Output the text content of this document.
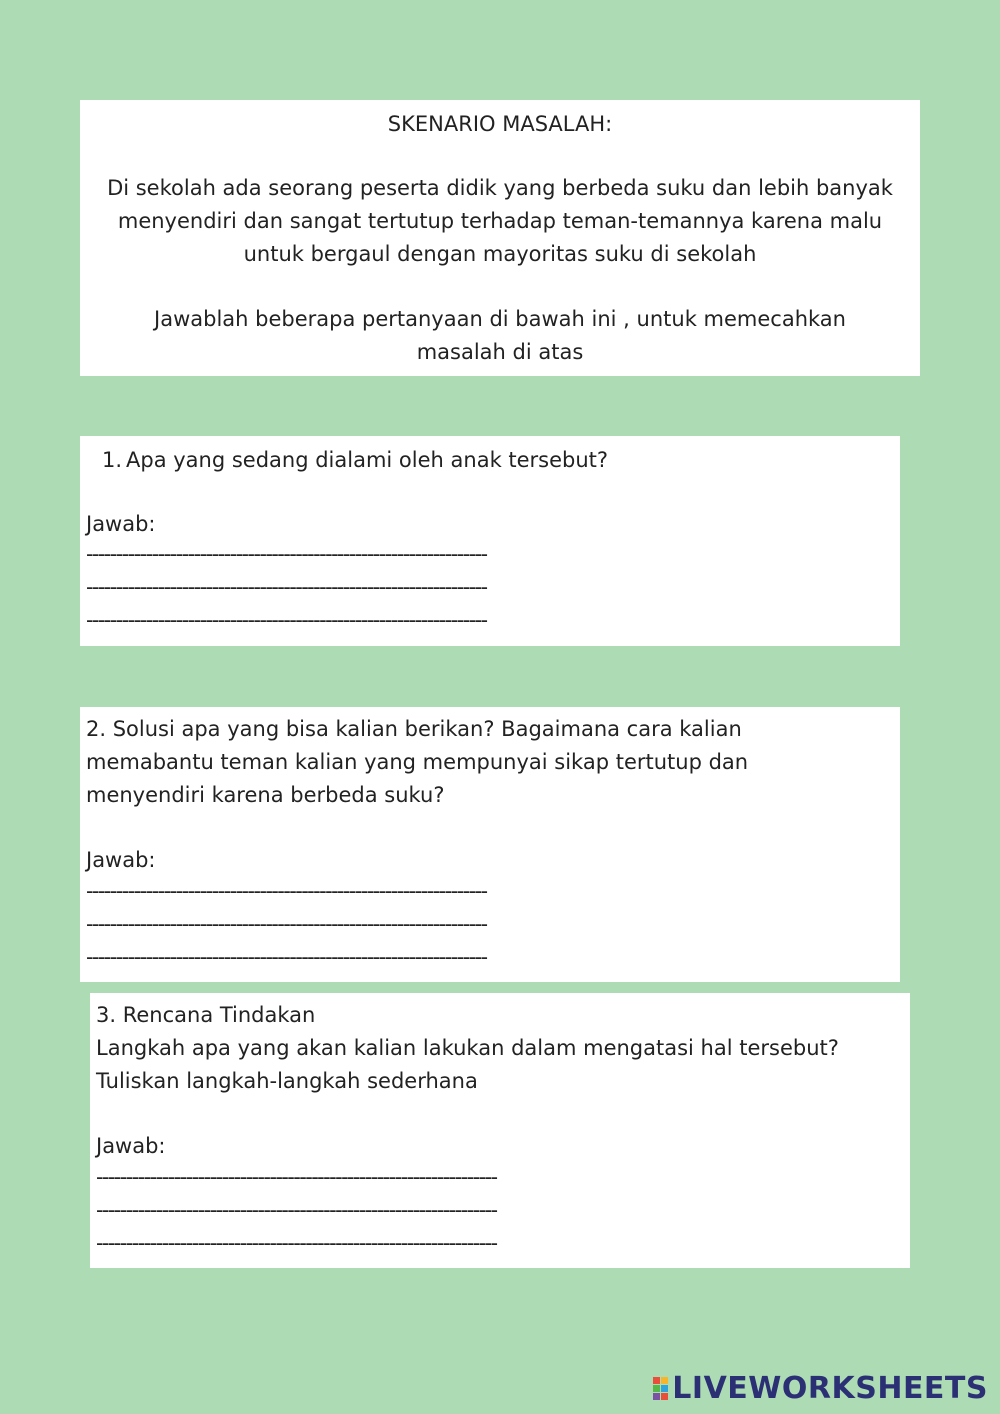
SKENARIO MASALAH:
Di sekolah ada seorang peserta didik yang berbeda suku dan lebih banyak
menyendiri dan sangat tertutup terhadap teman-temannya karena malu
untuk bergaul dengan mayoritas suku di sekolah
Jawablah beberapa pertanyaan di bawah ini , untuk memecahkan
masalah di atas
1. Apa yang sedang dialami oleh anak tersebut?
Jawab:
-------------------------------------------------------------------
-------------------------------------------------------------------
-------------------------------------------------------------------
2. Solusi apa yang bisa kalian berikan? Bagaimana cara kalian
memabantu teman kalian yang mempunyai sikap tertutup dan
menyendiri karena berbeda suku?
Jawab:
-------------------------------------------------------------------
-------------------------------------------------------------------
-------------------------------------------------------------------
3. Rencana Tindakan
Langkah apa yang akan kalian lakukan dalam mengatasi hal tersebut?
Tuliskan langkah-langkah sederhana
Jawab:
-------------------------------------------------------------------
-------------------------------------------------------------------
-------------------------------------------------------------------
LIVEWORKSHEETS
